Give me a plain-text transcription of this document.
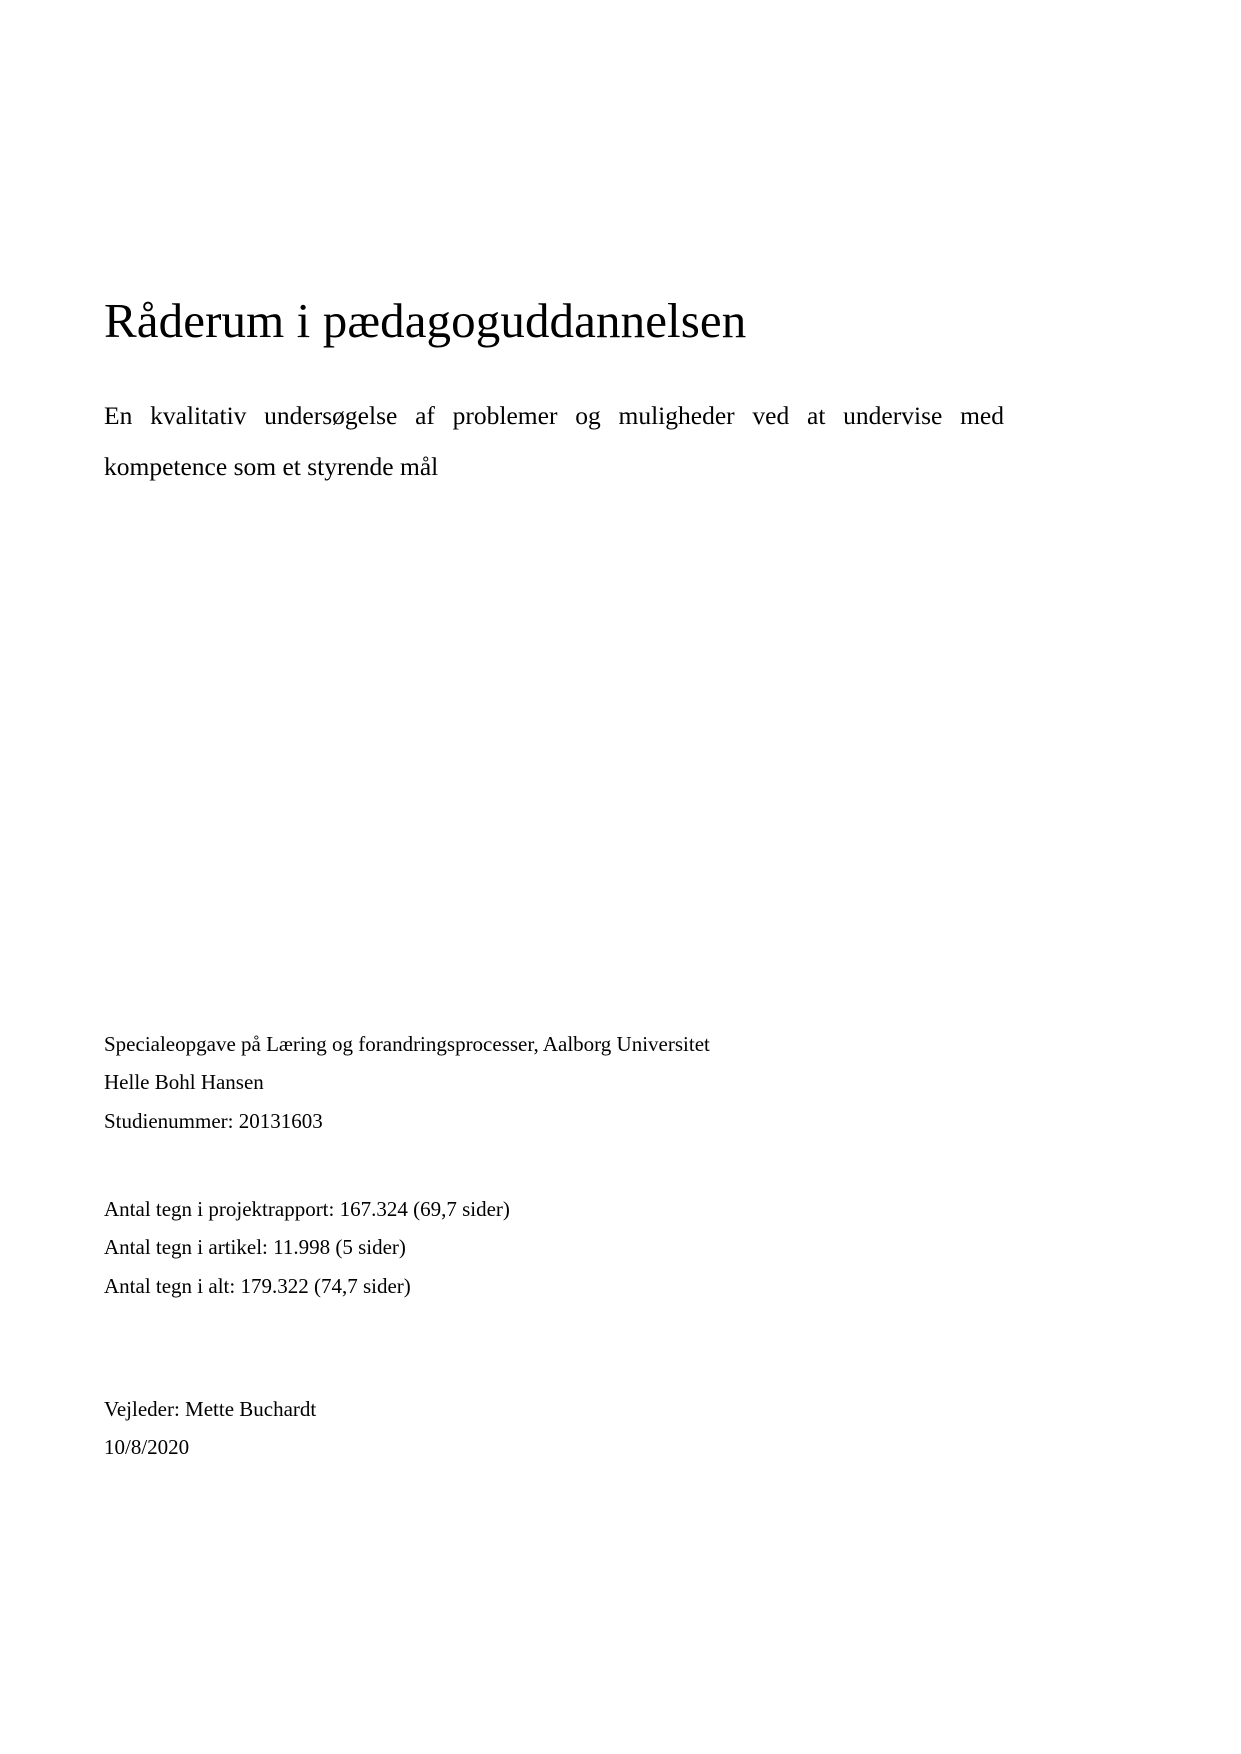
Råderum i pædagoguddannelsen

En kvalitativ undersøgelse af problemer og muligheder ved at undervise med
kompetence som et styrende mål

Specialeopgave på Læring og forandringsprocesser, Aalborg Universitet
Helle Bohl Hansen
Studienummer: 20131603
Antal tegn i projektrapport: 167.324 (69,7 sider)
Antal tegn i artikel: 11.998 (5 sider)
Antal tegn i alt: 179.322 (74,7 sider)
Vejleder: Mette Buchardt
10/8/2020
